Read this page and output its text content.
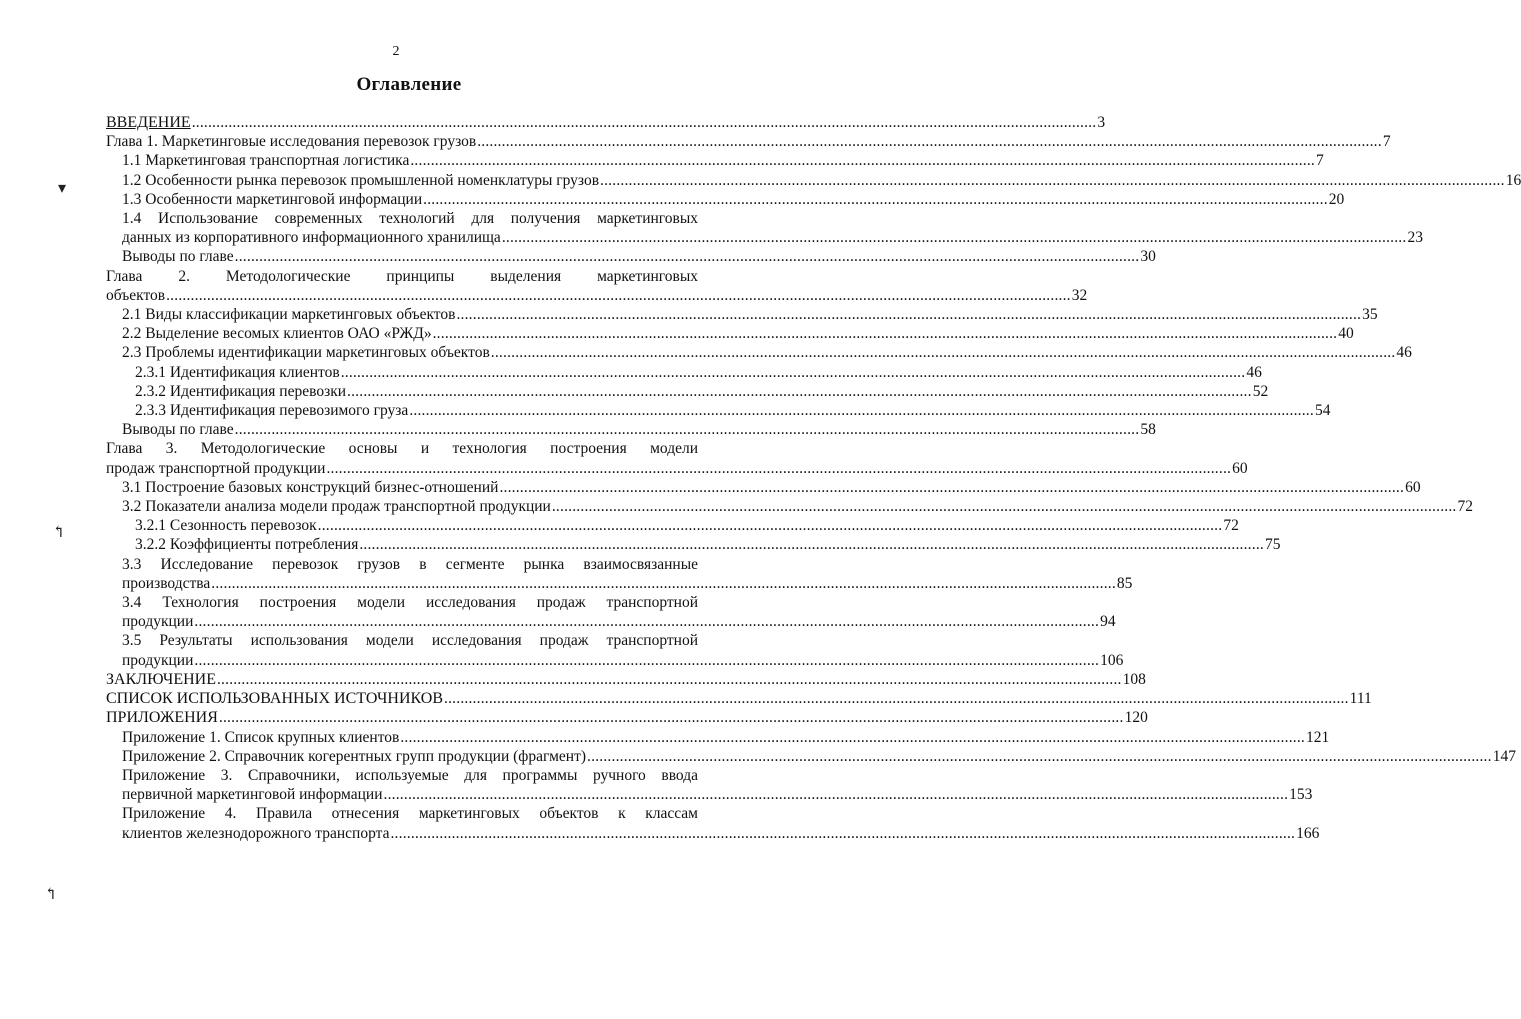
2
Оглавление
ВВЕДЕНИЕ .....	3
Глава 1. Маркетинговые исследования перевозок грузов .....	7
1.1 Маркетинговая транспортная логистика .....	7
1.2 Особенности рынка перевозок промышленной номенклатуры грузов .....	16
1.3 Особенности маркетинговой информации .....	20
1.4 Использование современных технологий для получения маркетинговых
данных из корпоративного информационного хранилища .....	23
Выводы по главе .....	30
Глава 2. Методологические принципы выделения маркетинговых
объектов .....	32
2.1 Виды классификации маркетинговых объектов .....	35
2.2 Выделение весомых клиентов ОАО «РЖД» .....	40
2.3 Проблемы идентификации маркетинговых объектов .....	46
2.3.1 Идентификация клиентов .....	46
2.3.2 Идентификация перевозки .....	52
2.3.3 Идентификация перевозимого груза .....	54
Выводы по главе .....	58
Глава 3. Методологические основы и технология построения модели
продаж транспортной продукции .....	60
3.1 Построение базовых конструкций бизнес-отношений .....	60
3.2 Показатели анализа модели продаж транспортной продукции .....	72
3.2.1 Сезонность перевозок .....	72
3.2.2 Коэффициенты потребления .....	75
3.3 Исследование перевозок грузов в сегменте рынка взаимосвязанные
производства .....	85
3.4 Технология построения модели исследования продаж транспортной
продукции .....	94
3.5 Результаты использования модели исследования продаж транспортной
продукции .....	106
ЗАКЛЮЧЕНИЕ .....	108
СПИСОК ИСПОЛЬЗОВАННЫХ ИСТОЧНИКОВ .....	111
ПРИЛОЖЕНИЯ .....	120
Приложение 1. Список крупных клиентов .....	121
Приложение 2. Справочник когерентных групп продукции (фрагмент) .....	147
Приложение 3. Справочники, используемые для программы ручного ввода
первичной маркетинговой информации .....	153
Приложение 4. Правила отнесения маркетинговых объектов к классам
клиентов железнодорожного транспорта .....	166
▾
↰
↰
